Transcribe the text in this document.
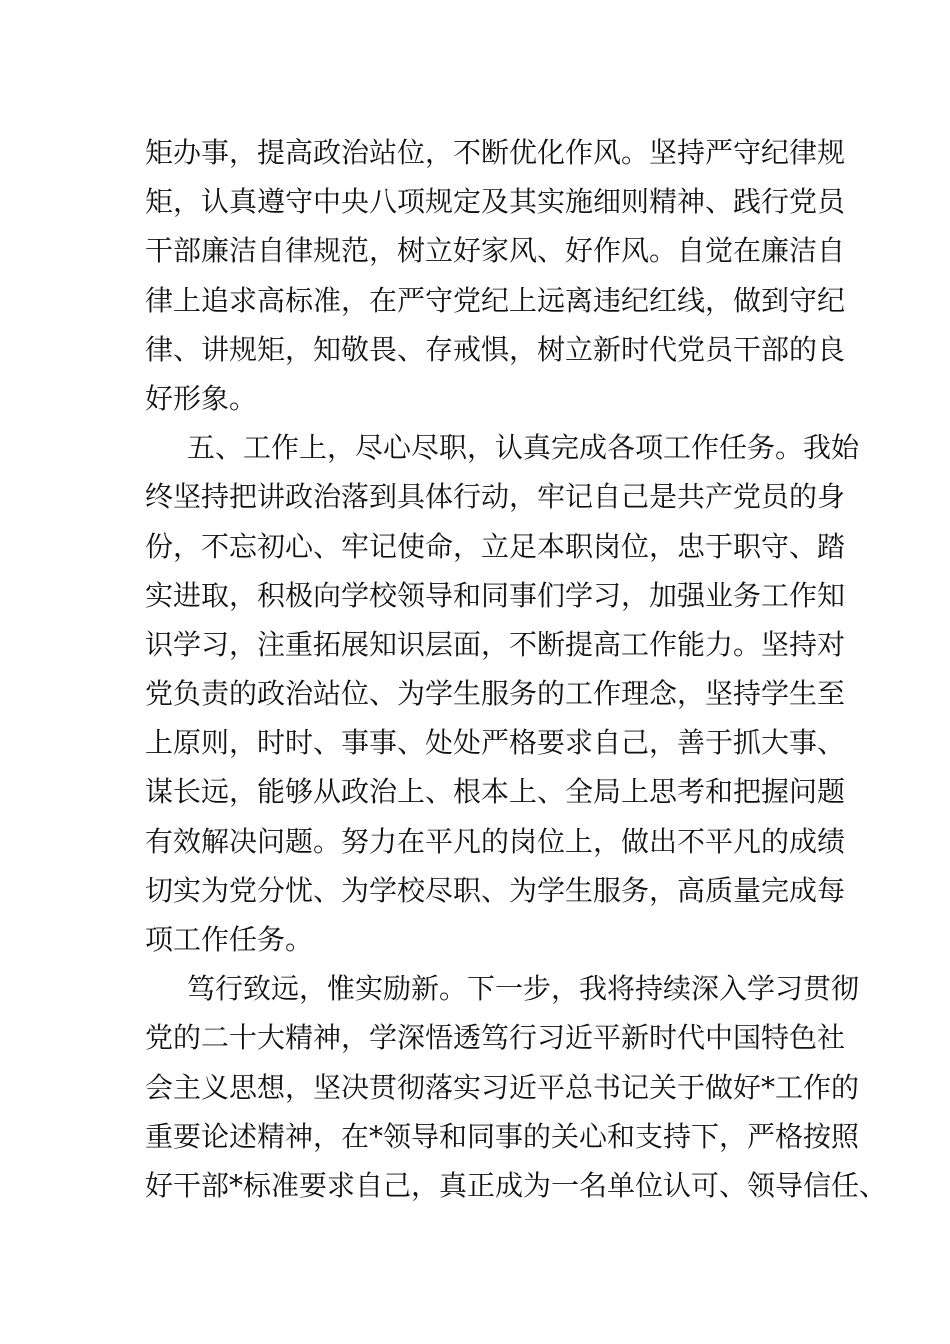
矩办事，提高政治站位，不断优化作风。坚持严守纪律规
矩，认真遵守中央八项规定及其实施细则精神、践行党员
干部廉洁自律规范，树立好家风、好作风。自觉在廉洁自
律上追求高标准，在严守党纪上远离违纪红线，做到守纪
律、讲规矩，知敬畏、存戒惧，树立新时代党员干部的良
好形象。
五、工作上，尽心尽职，认真完成各项工作任务。我始
终坚持把讲政治落到具体行动，牢记自己是共产党员的身
份，不忘初心、牢记使命，立足本职岗位，忠于职守、踏
实进取，积极向学校领导和同事们学习，加强业务工作知
识学习，注重拓展知识层面，不断提高工作能力。坚持对
党负责的政治站位、为学生服务的工作理念，坚持学生至
上原则，时时、事事、处处严格要求自己，善于抓大事、
谋长远，能够从政治上、根本上、全局上思考和把握问题
有效解决问题。努力在平凡的岗位上，做出不平凡的成绩
切实为党分忧、为学校尽职、为学生服务，高质量完成每
项工作任务。
笃行致远，惟实励新。下一步，我将持续深入学习贯彻
党的二十大精神，学深悟透笃行习近平新时代中国特色社
会主义思想，坚决贯彻落实习近平总书记关于做好*工作的
重要论述精神，在*领导和同事的关心和支持下，严格按照
好干部*标准要求自己，真正成为一名单位认可、领导信任、
